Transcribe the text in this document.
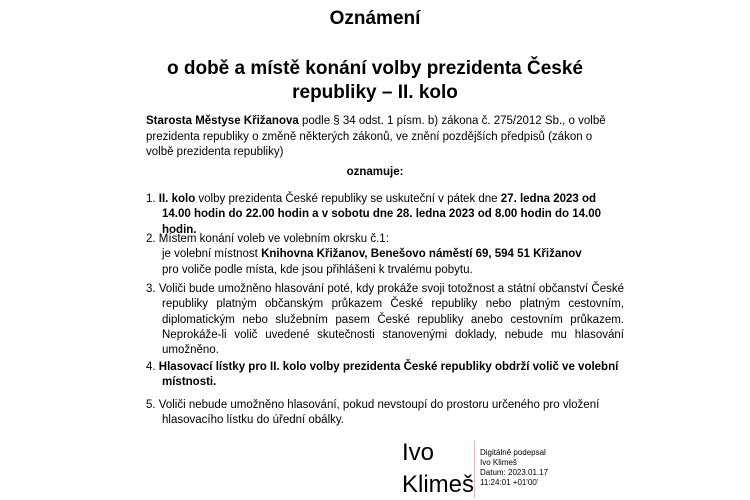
Oznámení
o době a místě konání volby prezidenta České republiky – II. kolo

Starosta Městyse Křižanova podle § 34 odst. 1 písm. b) zákona č. 275/2012 Sb., o volbě prezidenta republiky o změně některých zákonů, ve znění pozdějších předpisů (zákon o volbě prezidenta republiky)

oznamuje:

1. II. kolo volby prezidenta České republiky se uskuteční v pátek dne 27. ledna 2023 od 14.00 hodin do 22.00 hodin a v sobotu dne 28. ledna 2023 od 8.00 hodin do 14.00 hodin.

2. Místem konání voleb ve volebním okrsku č.1:
je volební místnost Knihovna Křižanov, Benešovo náměstí 69, 594 51 Křižanov
pro voliče podle místa, kde jsou přihlášeni k trvalému pobytu.

3. Voliči bude umožněno hlasování poté, kdy prokáže svoji totožnost a státní občanství České republiky platným občanským průkazem České republiky nebo platným cestovním, diplomatickým nebo služebním pasem České republiky anebo cestovním průkazem. Neprokáže-li volič uvedené skutečnosti stanovenými doklady, nebude mu hlasování umožněno.

4. Hlasovací lístky pro II. kolo volby prezidenta České republiky obdrží volič ve volební místnosti.

5. Voliči nebude umožněno hlasování, pokud nevstoupí do prostoru určeného pro vložení hlasovacího lístku do úřední obálky.

Ivo

Klimeš

Digitálně podepsal
Ivo Klimeš
Datum: 2023.01.17
11:24:01 +01'00'
